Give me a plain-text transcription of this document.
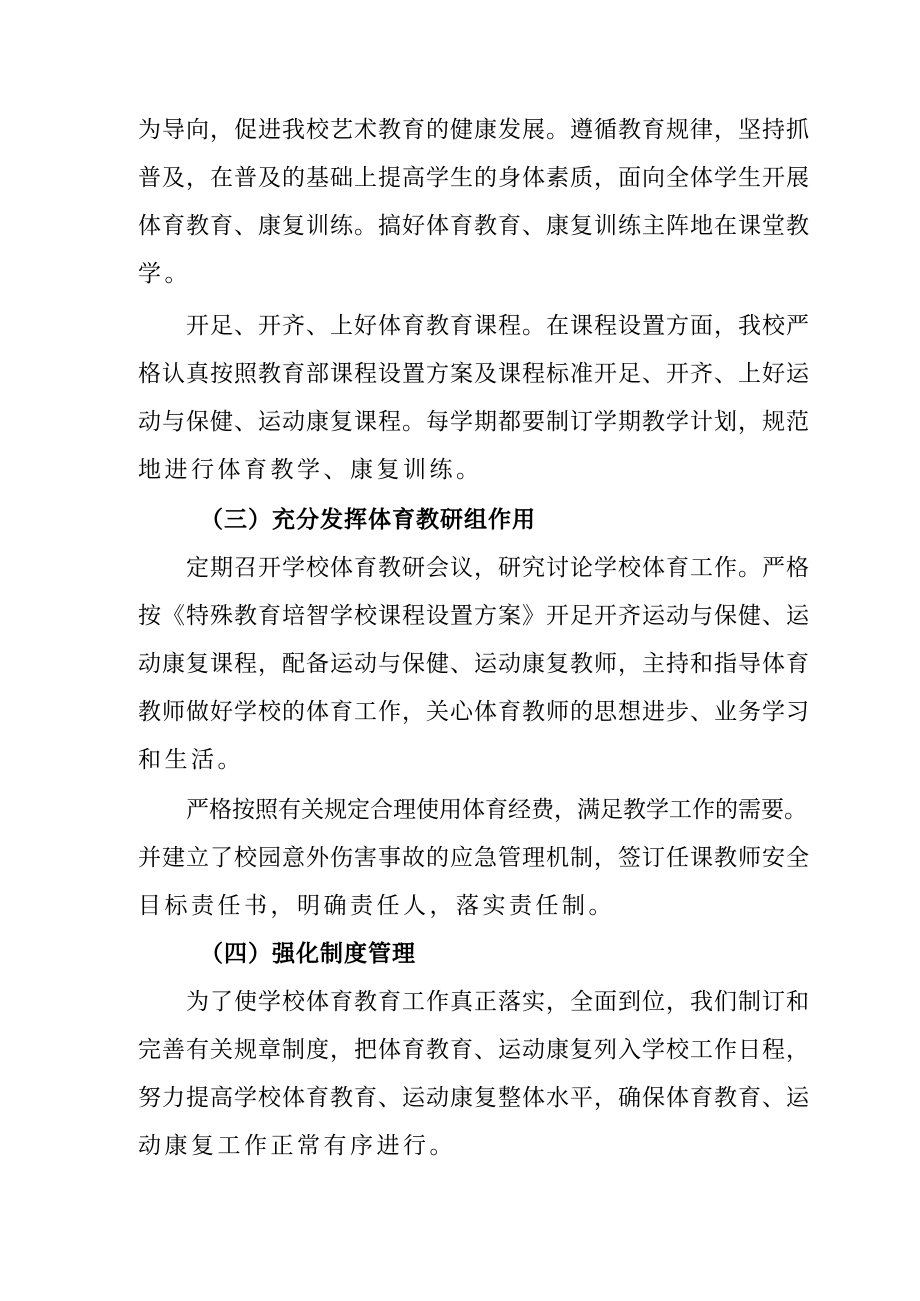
为导向，促进我校艺术教育的健康发展。遵循教育规律，坚持抓
普及，在普及的基础上提高学生的身体素质，面向全体学生开展
体育教育、康复训练。搞好体育教育、康复训练主阵地在课堂教
学。
开足、开齐、上好体育教育课程。在课程设置方面，我校严
格认真按照教育部课程设置方案及课程标准开足、开齐、上好运
动与保健、运动康复课程。每学期都要制订学期教学计划，规范
地进行体育教学、康复训练。
（三）充分发挥体育教研组作用
定期召开学校体育教研会议，研究讨论学校体育工作。严格
按《特殊教育培智学校课程设置方案》开足开齐运动与保健、运
动康复课程，配备运动与保健、运动康复教师，主持和指导体育
教师做好学校的体育工作，关心体育教师的思想进步、业务学习
和生活。
严格按照有关规定合理使用体育经费，满足教学工作的需要。
并建立了校园意外伤害事故的应急管理机制，签订任课教师安全
目标责任书，明确责任人，落实责任制。
（四）强化制度管理
为了使学校体育教育工作真正落实，全面到位，我们制订和
完善有关规章制度，把体育教育、运动康复列入学校工作日程，
努力提高学校体育教育、运动康复整体水平，确保体育教育、运
动康复工作正常有序进行。
